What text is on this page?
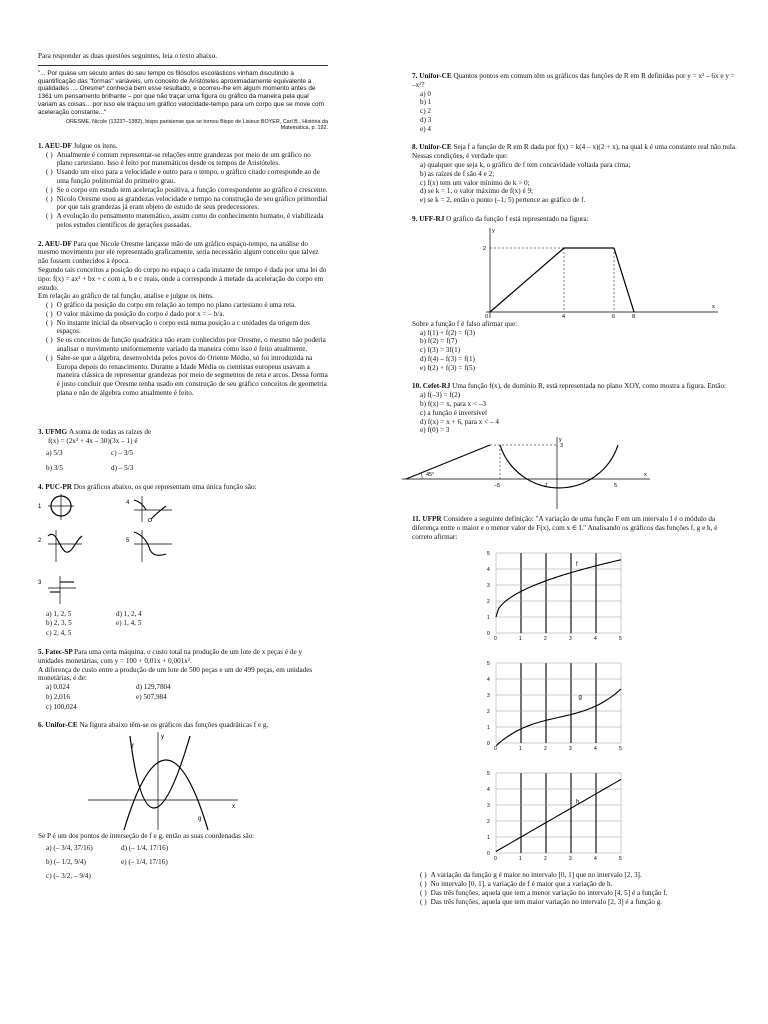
Para responder as duas questões seguintes, leia o texto abaixo.

"... Por quase um século antes do seu tempo os filósofos escolásticos vinham discutindo a quantificação das "formas" variáveis, um conceito de Aristóteles aproximadamente equivalente a qualidades .... Oresme* conhecia bem esse resultado, e ocorreu-lhe em algum momento antes de 1361 um pensamento brilhante – por que não traçar uma figura ou gráfico da maneira pela qual variam as coisas... por isso ele traçou um gráfico velocidade-tempo para um corpo que se move com aceleração constante..."

ORESME, Nicole (1323?–1382), bispo parisiense que se tornou Bispo de Lisieux BOYER, Carl B., História da Matemática, p. 192.

1. AEU-DF Julgue os itens.

( ) Atualmente é comum representar-se relações entre grandezas por meio de um gráfico no plano cartesiano. Isso é feito por matemáticos desde os tempos de Aristóteles.
( ) Usando um eixo para a velocidade e outro para o tempo, o gráfico citado corresponde ao de uma função polinomial do primeiro grau.
( ) Se o corpo em estudo tem aceleração positiva, a função correspondente ao gráfico é crescente.
( ) Nicolo Oresme usou as grandezas velocidade e tempo na construção de seu gráfico primordial por que tais grandezas já eram objeto de estudo de seus predecessores.
( ) A evolução do pensamento matemático, assim como do conhecimento humano, é viabilizada pelos estudos científicos de gerações passadas.

2. AEU-DF Para que Nicole Oresme lançasse mão de um gráfico espaço-tempo, na análise do mesmo movimento por ele representado graficamente, seria necessário algum conceito que talvez não fossem conhecidos à época.

Segundo tais conceitos a posição do corpo no espaço a cada instante de tempo é dada por uma lei do tipo: f(x) = ax² + bx + c com a, b e c reais, onde a corresponde à metade da aceleração do corpo em estudo.

Em relação ao gráfico de tal função, analise e julgue os itens.

( ) O gráfico da posição do corpo em relação ao tempo no plano cartesiano é uma reta.
( ) O valor máximo da posição do corpo é dado por x = – b/a.
( ) No instante inicial da observação o corpo está numa posição a c unidades da origem dos espaços.
( ) Se os conceitos de função quadrática não eram conhecidos por Oresme, o mesmo não poderia analisar o movimento uniformemente variado da maneira como isso é feito atualmente.
( ) Sabe-se que a álgebra, desenvolvida pelos povos do Oriente Médio, só foi introduzida na Europa depois do renascimento. Durante a Idade Média os cientistas europeus usavam a maneira clássica de representar grandezas por meio de segmentos de reta e arcos. Dessa forma é justo concluir que Oresme tenha usado em construção de seu gráfico conceitos de geometria plana e não de álgebra como atualmente é feito.

3. UFMG A soma de todas as raízes de

f(x) = (2x² + 4x – 30)(3x – 1) é

a) 5/3	c) – 3/5
b) 3/5	d) – 5/3

4. PUC-PR Dos gráficos abaixo, os que representam uma única função são:

1
4
2	5
3
a) 1, 2, 5	d) 1, 2, 4
b) 2, 3, 5	e) 1, 4, 5
c) 2, 4, 5

5. Fatec-SP Para uma certa máquina, o custo total na produção de um lote de x peças é de y unidades monetárias, com y = 100 + 0,01x + 0,001x².

A diferença de custo entre a produção de um lote de 500 peças e um de 499 peças, em unidades monetárias, é de:

a) 0,024	d) 129,7804
b) 2,016	e) 507,984
c) 100,024

6. Unifor-CE Na figura abaixo têm-se os gráficos das funções quadráticas f e g.

f
g
x
y

Se P é um dos pontos de interseção de f e g, então as suas coordenadas são:

a) (– 3/4, 37/16)	d) (– 1/4, 17/16)
b) (– 1/2, 9/4)	e) (– 1/4, 17/16)
c) (– 3/2, – 9/4)

7. Unifor-CE Quantos pontos em comum têm os gráficos das funções de R em R definidas por y = x² – 6x e y = –x²?

a) 0
b) 1
c) 2
d) 3
e) 4

8. Unifor-CE Seja f a função de R em R dada por f(x) = k(4 – x)(2 + x), na qual k é uma constante real não nula. Nessas condições, é verdade que:

a) qualquer que seja k, o gráfico de f tem concavidade voltada para cima;
b) as raízes de f são 4 e 2;
c) f(x) tem um valor mínimo de k > 0;
d) se k = 1, o valor máximo de f(x) é 9;
e) se k = 2, então o ponto (–1; 5) pertence ao gráfico de f.

9. UFF-RJ O gráfico da função f está representado na figura:

y
x
0	4	6	8
2

Sobre a função f é falso afirmar que:

a) f(1) + f(2) = f(3)
b) f(2) = f(7)
c) f(3) = 3f(1)
d) f(4) – f(3) = f(1)
e) f(2) + f(3) = f(5)

10. Cefet-RJ Uma função f(x), de domínio R, está representada no plano XOY, como mostra a figura. Então:

a) f(–3) = f(2)
b) f(x) = x, para x < –3
c) a função é inversível
d) f(x) = x + 6, para x < – 4
e) f(0) = 3
y
x
3
–5	–1	5
45°

11. UFPR Considere a seguinte definição: "A variação de uma função F em um intervalo I é o módulo da diferença entre o maior e o menor valor de F(x), com x ∈ I." Analisando os gráficos das funções f, g e h, é correto afirmar:

0
0
1
1
2
2
3
3
4
4
5
5
f
0
0
1
1
2
2
3
3
4
4
5
5
g
0
0
1
1
2
2
3
3
4
4
5
5
h
( ) A variação da função g é maior no intervalo [0, 1] que no intervalo [2, 3].
( ) No intervalo [0, 1], a variação de f é maior que a variação de h.
( ) Das três funções, aquela que tem a menor variação no intervalo [4, 5] é a função f.
( ) Das três funções, aquela que tem maior variação no intervalo [2, 3] é a função g.
